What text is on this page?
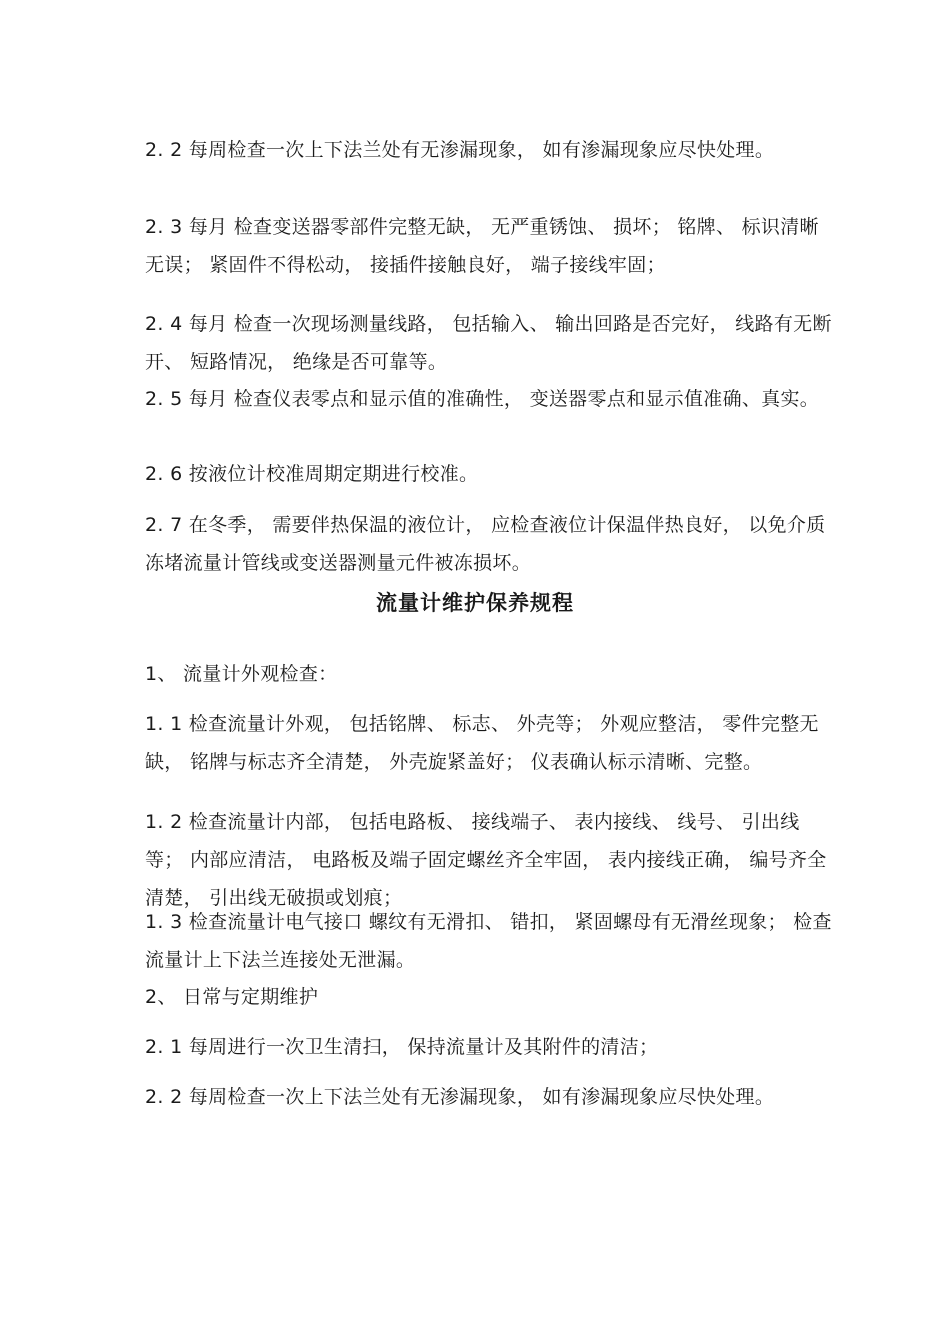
2. 2 每周检查一次上下法兰处有无渗漏现象， 如有渗漏现象应尽快处理。
2. 3 每月 检查变送器零部件完整无缺， 无严重锈蚀、 损坏； 铭牌、 标识清晰无误； 紧固件不得松动， 接插件接触良好， 端子接线牢固；
2. 4 每月 检查一次现场测量线路， 包括输入、 输出回路是否完好， 线路有无断开、 短路情况， 绝缘是否可靠等。
2. 5 每月 检查仪表零点和显示值的准确性， 变送器零点和显示值准确、真实。
2. 6 按液位计校准周期定期进行校准。
2. 7 在冬季， 需要伴热保温的液位计， 应检查液位计保温伴热良好， 以免介质冻堵流量计管线或变送器测量元件被冻损坏。
流量计维护保养规程
1、 流量计外观检查：
1. 1 检查流量计外观， 包括铭牌、 标志、 外壳等； 外观应整洁， 零件完整无缺， 铭牌与标志齐全清楚， 外壳旋紧盖好； 仪表确认标示清晰、完整。
1. 2 检查流量计内部， 包括电路板、 接线端子、 表内接线、 线号、 引出线等； 内部应清洁， 电路板及端子固定螺丝齐全牢固， 表内接线正确， 编号齐全清楚， 引出线无破损或划痕；
1. 3 检查流量计电气接口 螺纹有无滑扣、 错扣， 紧固螺母有无滑丝现象； 检查流量计上下法兰连接处无泄漏。
2、 日常与定期维护
2. 1 每周进行一次卫生清扫， 保持流量计及其附件的清洁；
2. 2 每周检查一次上下法兰处有无渗漏现象， 如有渗漏现象应尽快处理。
